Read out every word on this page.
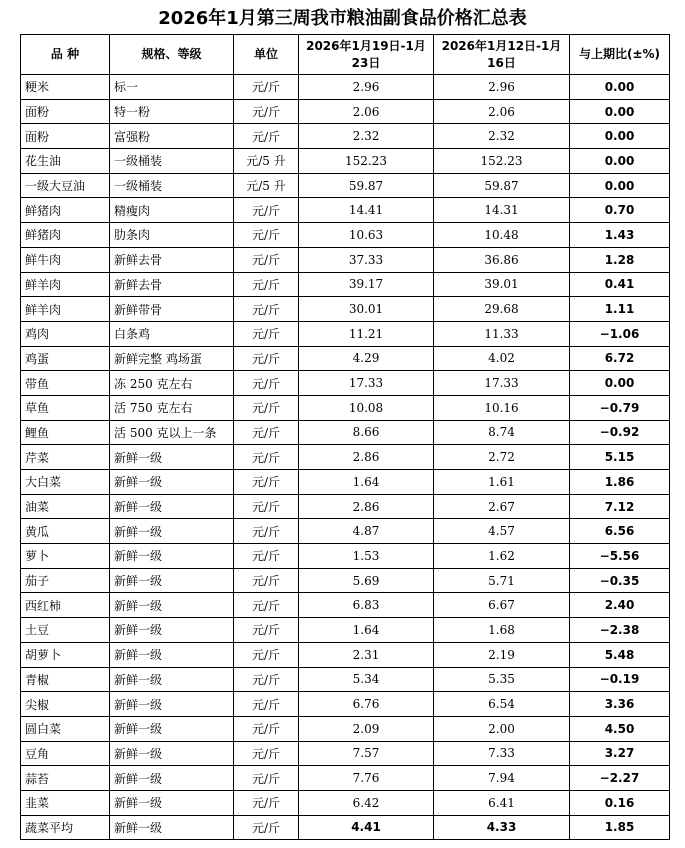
2026年1月第三周我市粮油副食品价格汇总表
品 种	规格、等级	单位	2026年1月19日-1月23日	2026年1月12日-1月16日	与上期比(±%)
粳米	标一	元/斤	2.96	2.96	0.00
面粉	特一粉	元/斤	2.06	2.06	0.00
面粉	富强粉	元/斤	2.32	2.32	0.00
花生油	一级桶装	元/5 升	152.23	152.23	0.00
一级大豆油	一级桶装	元/5 升	59.87	59.87	0.00
鲜猪肉	精瘦肉	元/斤	14.41	14.31	0.70
鲜猪肉	肋条肉	元/斤	10.63	10.48	1.43
鲜牛肉	新鲜去骨	元/斤	37.33	36.86	1.28
鲜羊肉	新鲜去骨	元/斤	39.17	39.01	0.41
鲜羊肉	新鲜带骨	元/斤	30.01	29.68	1.11
鸡肉	白条鸡	元/斤	11.21	11.33	−1.06
鸡蛋	新鲜完整 鸡场蛋	元/斤	4.29	4.02	6.72
带鱼	冻 250 克左右	元/斤	17.33	17.33	0.00
草鱼	活 750 克左右	元/斤	10.08	10.16	−0.79
鲤鱼	活 500 克以上一条	元/斤	8.66	8.74	−0.92
芹菜	新鲜一级	元/斤	2.86	2.72	5.15
大白菜	新鲜一级	元/斤	1.64	1.61	1.86
油菜	新鲜一级	元/斤	2.86	2.67	7.12
黄瓜	新鲜一级	元/斤	4.87	4.57	6.56
萝卜	新鲜一级	元/斤	1.53	1.62	−5.56
茄子	新鲜一级	元/斤	5.69	5.71	−0.35
西红柿	新鲜一级	元/斤	6.83	6.67	2.40
土豆	新鲜一级	元/斤	1.64	1.68	−2.38
胡萝卜	新鲜一级	元/斤	2.31	2.19	5.48
青椒	新鲜一级	元/斤	5.34	5.35	−0.19
尖椒	新鲜一级	元/斤	6.76	6.54	3.36
圆白菜	新鲜一级	元/斤	2.09	2.00	4.50
豆角	新鲜一级	元/斤	7.57	7.33	3.27
蒜苔	新鲜一级	元/斤	7.76	7.94	−2.27
韭菜	新鲜一级	元/斤	6.42	6.41	0.16
蔬菜平均	新鲜一级	元/斤	4.41	4.33	1.85
